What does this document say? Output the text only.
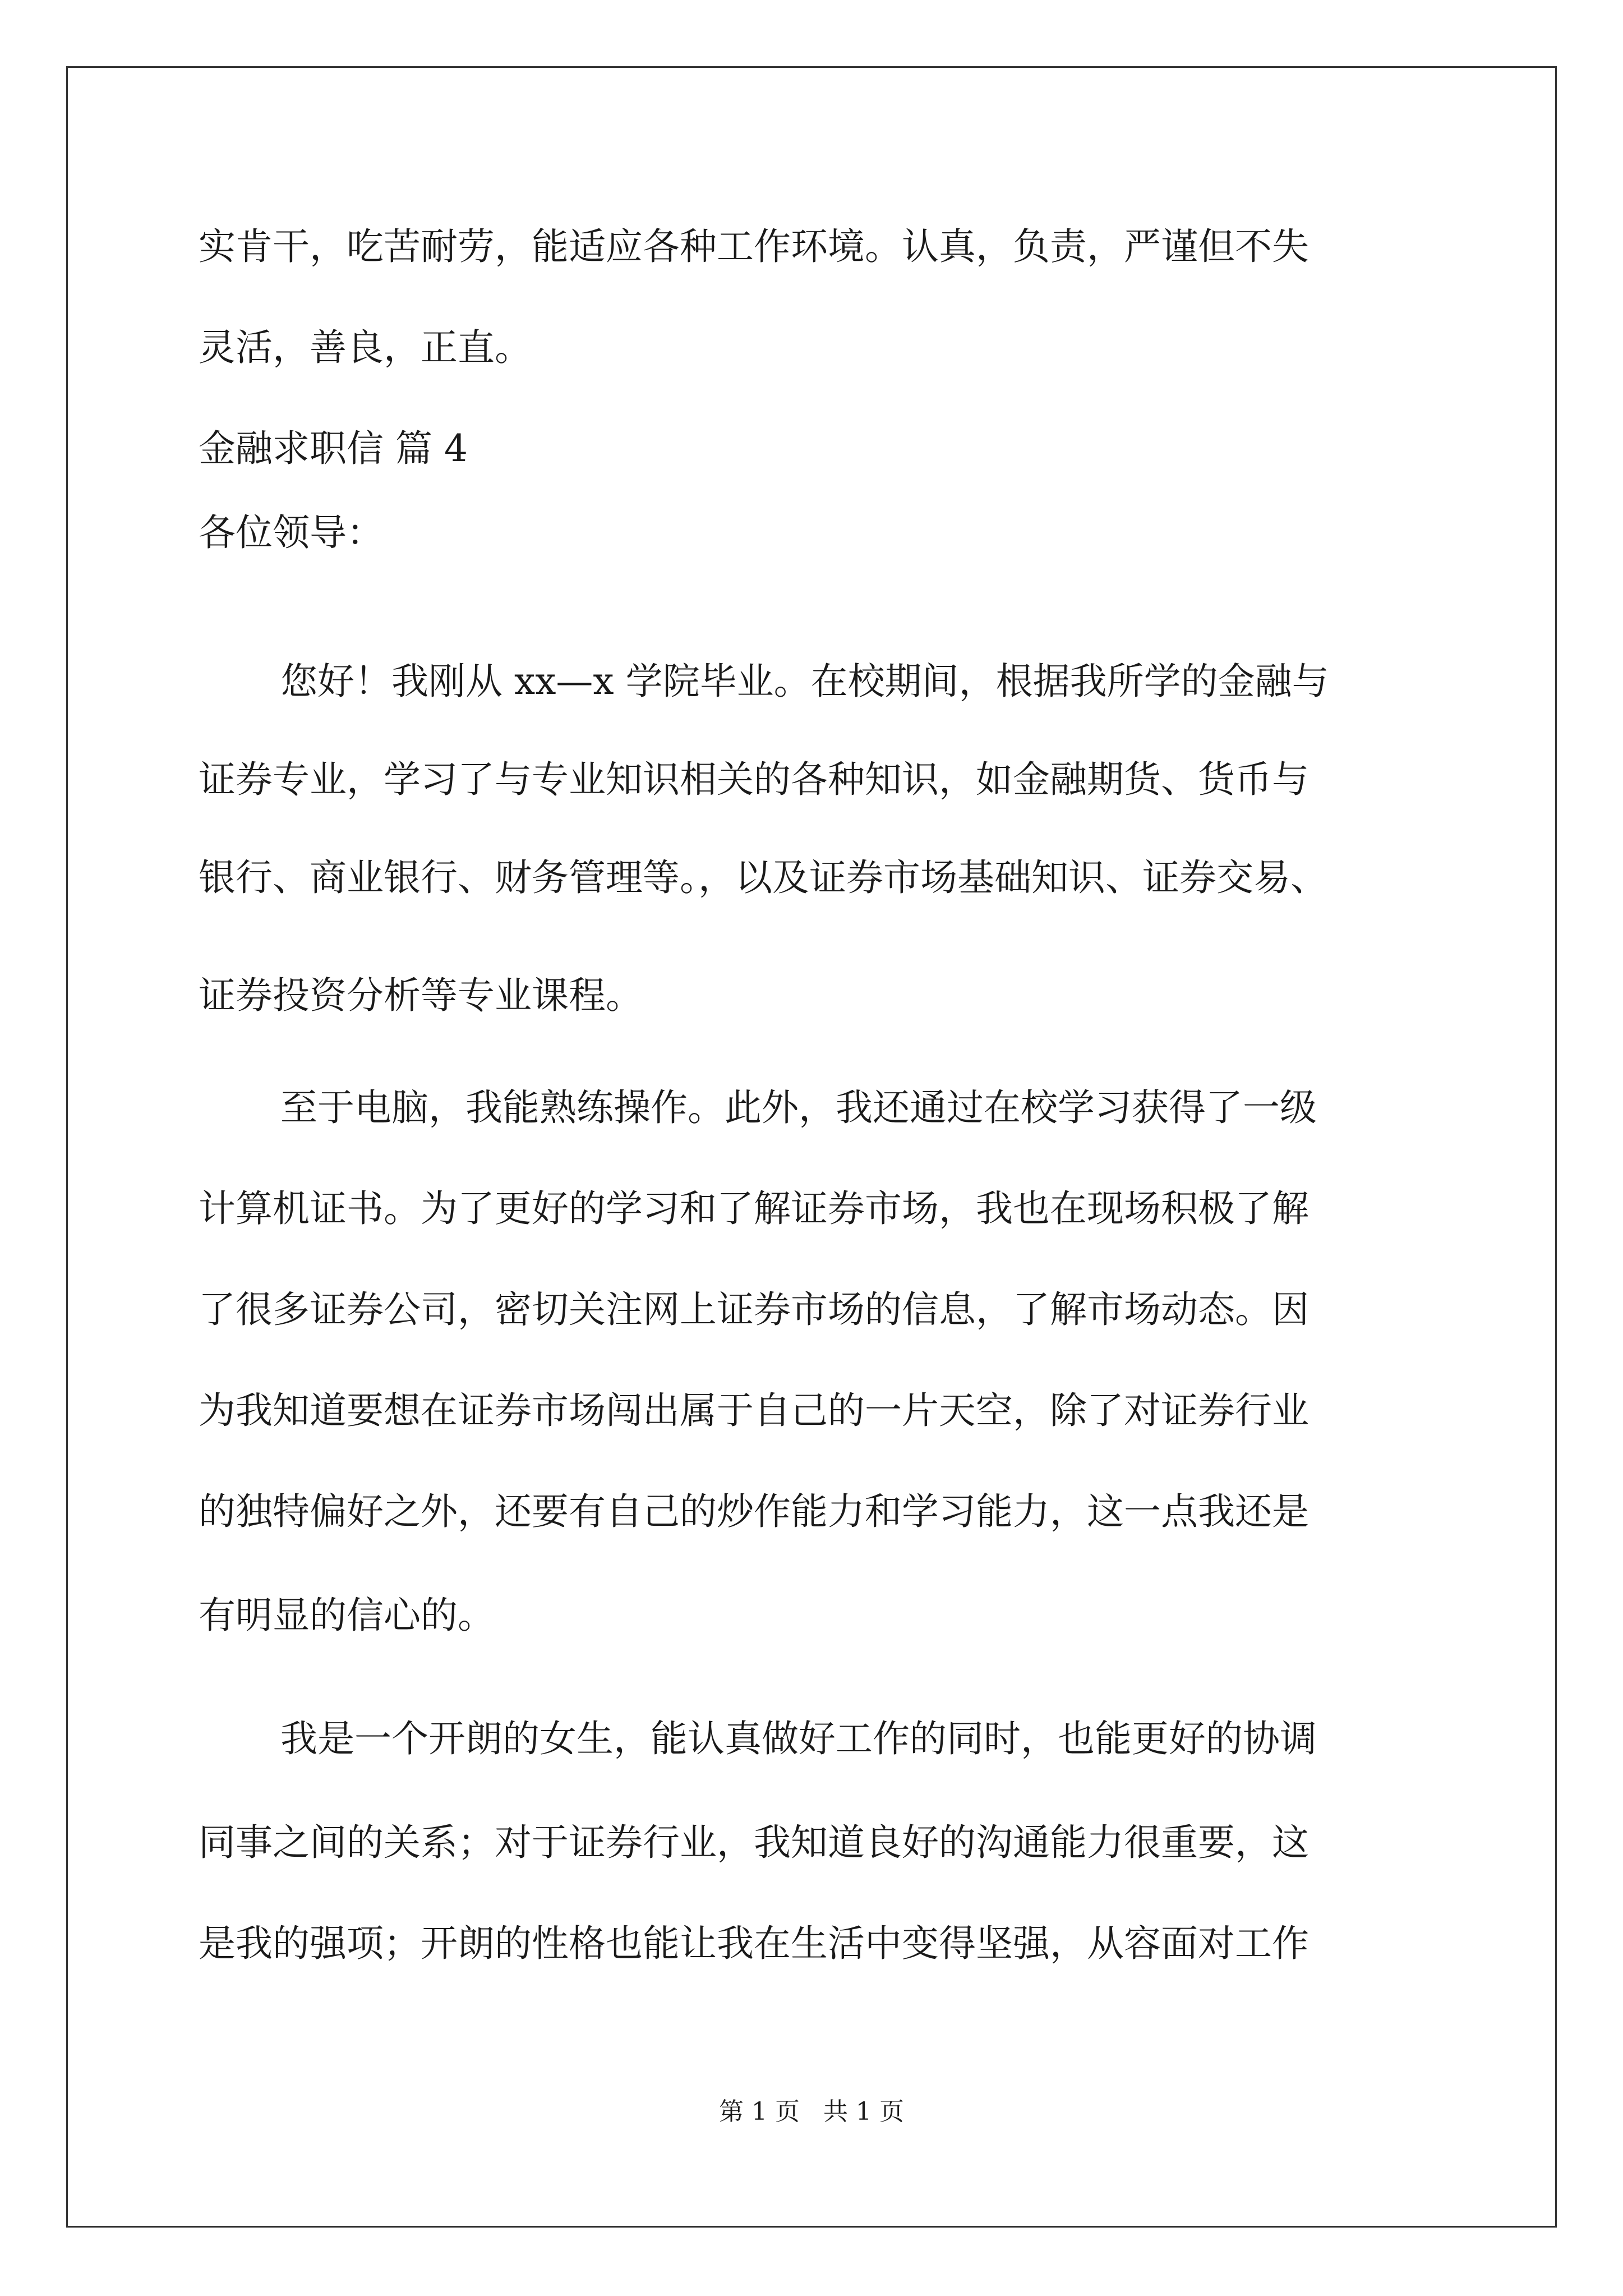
实肯干，吃苦耐劳，能适应各种工作环境。认真，负责，严谨但不失

灵活，善良，正直。

金融求职信 篇 4

各位领导：

您好！我刚从 xx—x 学院毕业。在校期间，根据我所学的金融与

证券专业，学习了与专业知识相关的各种知识，如金融期货、货币与

银行、商业银行、财务管理等。，以及证券市场基础知识、证券交易、

证券投资分析等专业课程。

至于电脑，我能熟练操作。此外，我还通过在校学习获得了一级

计算机证书。为了更好的学习和了解证券市场，我也在现场积极了解

了很多证券公司，密切关注网上证券市场的信息，了解市场动态。因

为我知道要想在证券市场闯出属于自己的一片天空，除了对证券行业

的独特偏好之外，还要有自己的炒作能力和学习能力，这一点我还是

有明显的信心的。

我是一个开朗的女生，能认真做好工作的同时，也能更好的协调

同事之间的关系；对于证券行业，我知道良好的沟通能力很重要，这

是我的强项；开朗的性格也能让我在生活中变得坚强，从容面对工作

第 1 页   共 1 页
